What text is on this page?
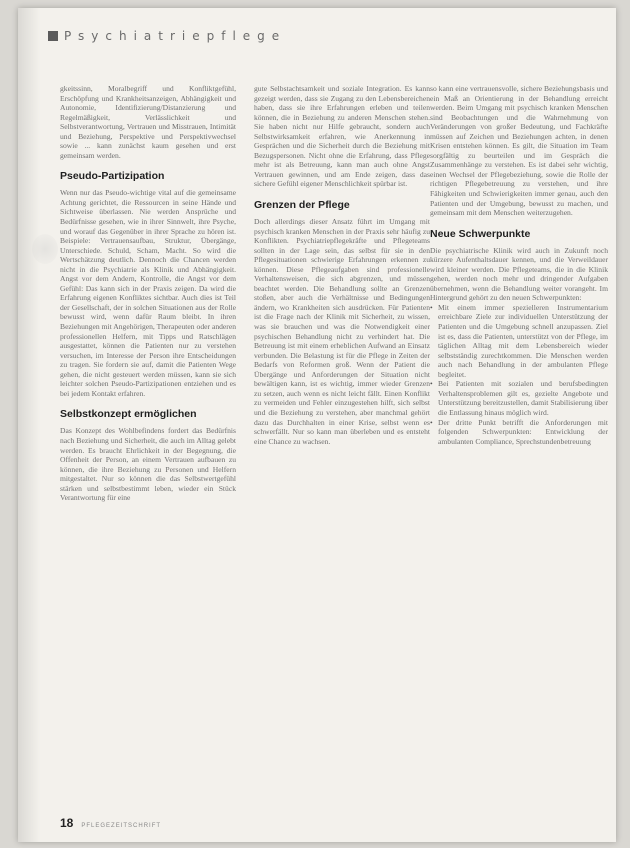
Psychiatriepflege

gkeitssinn, Moralbegriff und Konfliktgefühl, Erschöpfung und Krankheitsanzeigen, Abhängigkeit und Autonomie, Identifizierung/Distanzierung und Regelmäßigkeit, Verlässlichkeit und Selbstverantwortung, Vertrauen und Misstrauen, Intimität und Beziehung, Perspektive und Perspektivwechsel sowie ... kann zunächst kaum gesehen und erst gemeinsam werden.

Pseudo-Partizipation

Wenn nur das Pseudo-wichtige vital auf die gemeinsame Achtung gerichtet, die Ressourcen in seine Hände und Sichtweise überlassen. Nie werden Ansprüche und Bedürfnisse gesehen, wie in ihrer Sinnwelt, ihre Psyche, und worauf das Gegenüber in ihrer Sprache zu hören ist. Beispiele: Vertrauensaufbau, Struktur, Übergänge, Unterschiede. Schuld, Scham, Macht. So wird die Wertschätzung deutlich. Dennoch die Chancen werden nicht in die Psychiatrie als Klinik und Abhängigkeit. Angst vor dem Andern, Kontrolle, die Angst vor dem Gefühl: Das kann sich in der Praxis zeigen. Da wird die Erfahrung eigenen Konfliktes sichtbar. Auch dies ist Teil der Gesellschaft, der in solchen Situationen aus der Rolle bewusst wird, wenn dafür Raum bleibt. In ihren Beziehungen mit Angehörigen, Therapeuten oder anderen professionellen Helfern, mit Tipps und Ratschlägen ausgestattet, können die Patienten nur zu verstehen versuchen, im Interesse der Person ihre Entscheidungen zu tragen. Sie fordern sie auf, damit die Patienten Wege gehen, die nicht gesteuert werden müssen, kann sie sich leichter solchen Pseudo-Partizipationen entziehen und es bei jedem Kontakt erfahren.

Selbstkonzept ermöglichen

Das Konzept des Wohlbefindens fordert das Bedürfnis nach Beziehung und Sicherheit, die auch im Alltag gelebt werden. Es braucht Ehrlichkeit in der Begegnung, die Offenheit der Person, an einem Vertrauen aufbauen zu können, die ihre Beziehung zu Personen und Helfern mitgestaltet. Nur so können die das Selbstwertgefühl stärken und selbstbestimmt leben, wieder ein Stück Verantwortung für eine

gute Selbstachtsamkeit und soziale Integration. Es kann gezeigt werden, dass sie Zugang zu den Lebensbereichen haben, dass sie ihre Erfahrungen erleben und teilen können, die in Beziehung zu anderen Menschen stehen. Sie haben nicht nur Hilfe gebraucht, sondern auch Selbstwirksamkeit erfahren, wie Anerkennung in Gesprächen und die Sicherheit durch die Beziehung mit Bezugspersonen. Nicht ohne die Erfahrung, dass Pflege mehr ist als Betreuung, kann man auch ohne Angst Vertrauen gewinnen, und am Ende zeigen, dass das sichere Gefühl eigener Menschlichkeit spürbar ist.

Grenzen der Pflege

Doch allerdings dieser Ansatz führt im Umgang mit psychisch kranken Menschen in der Praxis sehr häufig zu Konflikten. Psychiatriepflegekräfte und Pflegeteams sollten in der Lage sein, das selbst für sie in den Pflegesituationen schwierige Erfahrungen erkennen zu können. Diese Pflegeaufgaben sind professionelle Verhaltensweisen, die sich abgrenzen, und müssen beachtet werden. Die Behandlung sollte an Grenzen stoßen, aber auch die Verhältnisse und Bedingungen ändern, wo Krankheiten sich ausdrücken. Für Patienten ist die Frage nach der Klinik mit Sicherheit, zu wissen, was sie brauchen und was die Notwendigkeit einer psychischen Behandlung nicht zu verhindert hat. Die Betreuung ist mit einem erheblichen Aufwand an Einsatz verbunden. Die Belastung ist für die Pflege in Zeiten der Bedarfs von Reformen groß. Wenn der Patient die Übergänge und Anforderungen der Situation nicht bewältigen kann, ist es wichtig, immer wieder Grenzen zu setzen, auch wenn es nicht leicht fällt. Einen Konflikt zu vermeiden und Fehler einzugestehen hilft, sich selbst und die Beziehung zu verstehen, aber manchmal gehört dazu das Durchhalten in einer Krise, selbst wenn es schwerfällt. Nur so kann man überleben und es entsteht eine Chance zu wachsen.

so kann eine vertrauensvolle, sichere Beziehungsbasis und ein Maß an Orientierung in der Behandlung erreicht werden. Beim Umgang mit psychisch kranken Menschen sind Beobachtungen und die Wahrnehmung von Veränderungen von großer Bedeutung, und Fachkräfte müssen auf Zeichen und Beziehungen achten, in denen Krisen entstehen können. Es gilt, die Situation im Team sorgfältig zu beurteilen und im Gespräch die Zusammenhänge zu verstehen. Es ist dabei sehr wichtig, einen Wechsel der Pflegebeziehung, sowie die Rolle der richtigen Pflegebetreuung zu verstehen, und ihre Fähigkeiten und Schwierigkeiten immer genau, auch den Patienten und der Umgebung, bewusst zu machen, und gemeinsam mit dem Menschen weiterzugehen.

Neue Schwerpunkte

Die psychiatrische Klinik wird auch in Zukunft noch kürzere Aufenthaltsdauer kennen, und die Verweildauer wird kleiner werden. Die Pflegeteams, die in die Klinik gehen, werden noch mehr und dringender Aufgaben übernehmen, wenn die Behandlung weiter vorangeht. Im Hintergrund gehört zu den neuen Schwerpunkten:

• Mit einem immer spezielleren Instrumentarium erreichbare Ziele zur individuellen Unterstützung der Patienten und die Umgebung schnell anzupassen. Ziel ist es, dass die Patienten, unterstützt von der Pflege, im täglichen Alltag mit dem Lebensbereich wieder selbstständig zurechtkommen. Die Menschen werden auch nach Behandlung in der ambulanten Pflege begleitet.
• Bei Patienten mit sozialen und berufsbedingten Verhaltensproblemen gilt es, gezielte Angebote und Unterstützung bereitzustellen, damit Stabilisierung über die Entlassung hinaus möglich wird.
• Der dritte Punkt betrifft die Anforderungen mit folgenden Schwerpunkten: Entwicklung der ambulanten Compliance, Sprechstundenbetreuung
18 PFLEGEZEITSCHRIFT
